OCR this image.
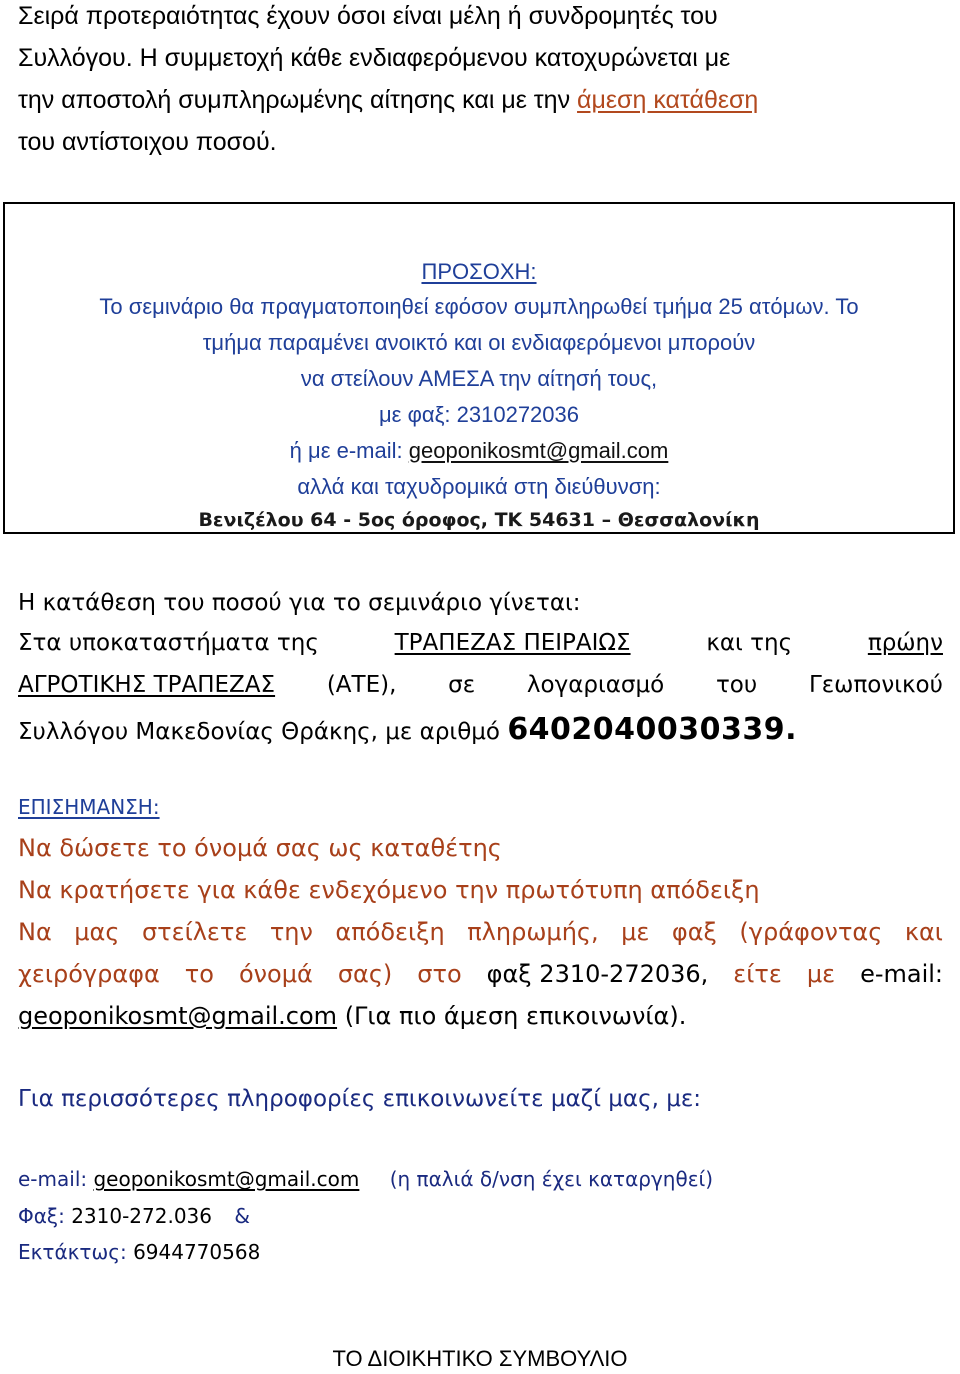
Σειρά προτεραιότητας έχουν όσοι είναι μέλη ή συνδρομητές του
Συλλόγου. Η συμμετοχή κάθε ενδιαφερόμενου κατοχυρώνεται με
την αποστολή συμπληρωμένης αίτησης και με την άμεση κατάθεση
του αντίστοιχου ποσού.
ΠΡΟΣΟΧΗ:
Το σεμινάριο θα πραγματοποιηθεί εφόσον συμπληρωθεί τμήμα 25 ατόμων. Το
τμήμα παραμένει ανοικτό και οι ενδιαφερόμενοι μπορούν
να στείλουν ΑΜΕΣΑ την αίτησή τους,
με φαξ: 2310272036
ή με e-mail: geoponikosmt@gmail.com
αλλά και ταχυδρομικά στη διεύθυνση:
Βενιζέλου 64 - 5ος όροφος, ΤΚ 54631 – Θεσσαλονίκη
Η κατάθεση του ποσού για το σεμινάριο γίνεται:
Στα υποκαταστήματα της	ΤΡΑΠΕΖΑΣ ΠΕΙΡΑΙΩΣ	και της	πρώην
ΑΓΡΟΤΙΚΗΣ ΤΡΑΠΕΖΑΣ (ΑΤΕ), σε λογαριασμό του Γεωπονικού
Συλλόγου Μακεδονίας Θράκης, με αριθμό 6402040030339.
ΕΠΙΣΗΜΑΝΣΗ:
Να δώσετε το όνομά σας ως καταθέτης
Να κρατήσετε για κάθε ενδεχόμενο την πρωτότυπη απόδειξη
Να μας στείλετε την απόδειξη πληρωμής, με φαξ (γράφοντας και
χειρόγραφα το όνομά σας) στο φαξ 2310-272036, είτε με e-mail:
geoponikosmt@gmail.com (Για πιο άμεση επικοινωνία).
Για περισσότερες πληροφορίες επικοινωνείτε μαζί μας, με:
e-mail: geoponikosmt@gmail.com (η παλιά δ/νση έχει καταργηθεί)
Φαξ: 2310-272.036 &
Εκτάκτως: 6944770568
ΤΟ ΔΙΟΙΚΗΤΙΚΟ ΣΥΜΒΟΥΛΙΟ
